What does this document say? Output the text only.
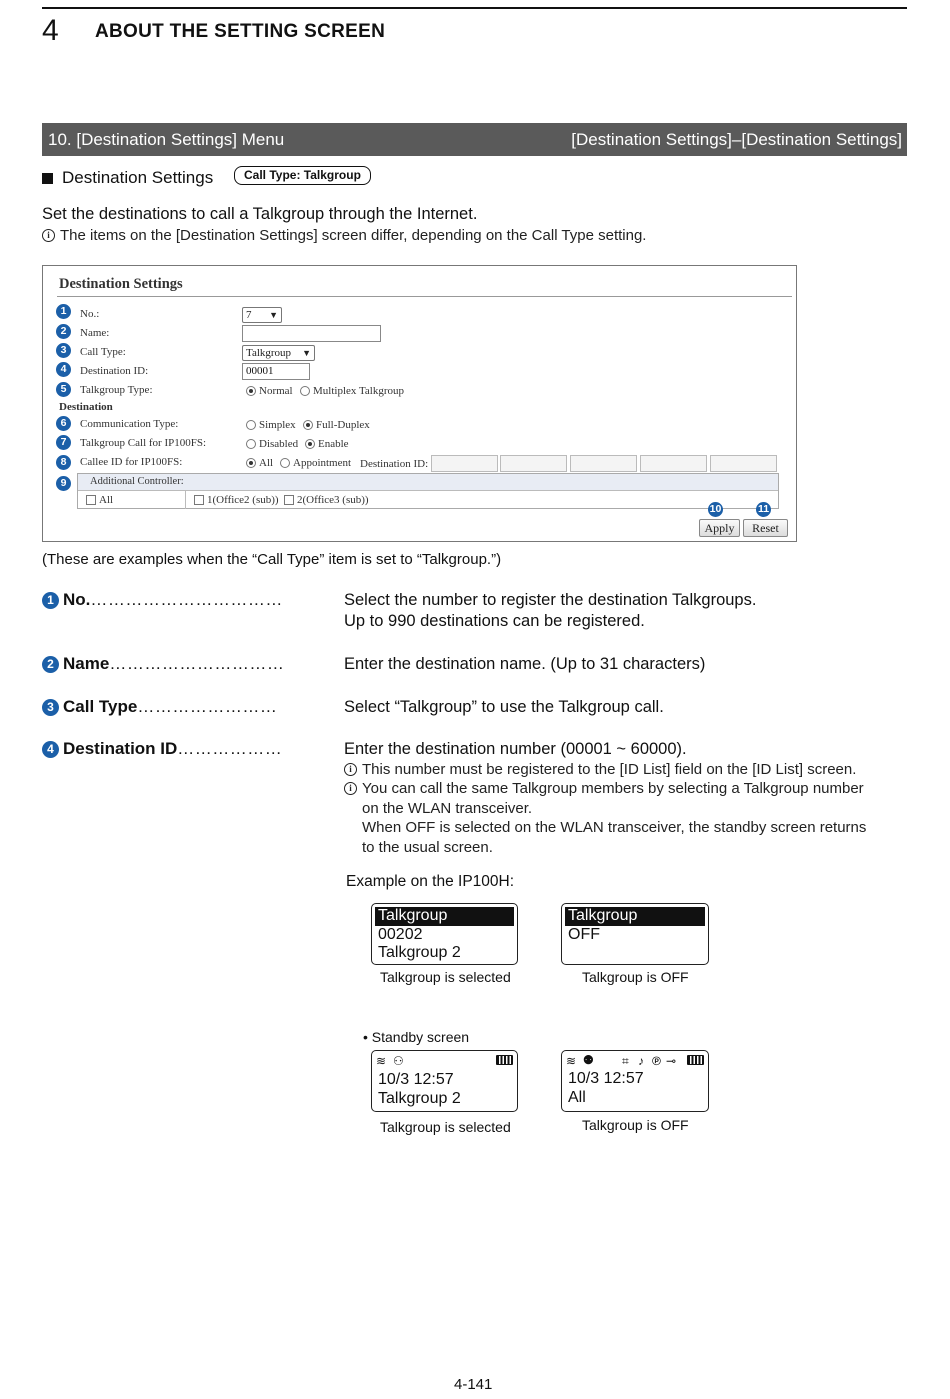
4 ABOUT THE SETTING SCREEN
10. [Destination Settings] Menu	[Destination Settings]–[Destination Settings]
Destination Settings	Call Type: Talkgroup
Set the destinations to call a Talkgroup through the Internet.
i The items on the [Destination Settings] screen differ, depending on the Call Type setting.
Destination Settings
1	No.:	7 ▼
2	Name:
3	Call Type:	Talkgroup ▼
4	Destination ID:	00001
5	Talkgroup Type:	Normal Multiplex Talkgroup
Destination
6	Communication Type:	Simplex Full-Duplex
7	Talkgroup Call for IP100FS:	Disabled Enable
8	Callee ID for IP100FS:	All Appointment Destination ID:
9	Additional Controller:
All	1(Office2 (sub)) 2(Office3 (sub))
10	11
Apply	Reset
(These are examples when the “Call Type” item is set to “Talkgroup.”)
1 No. ……………………………	Select the number to register the destination Talkgroups.
Up to 990 destinations can be registered.
2 Name …………………………	Enter the destination name. (Up to 31 characters)
3 Call Type ……………………	Select “Talkgroup” to use the Talkgroup call.
4 Destination ID ………………	Enter the destination number (00001 ~ 60000).
i This number must be registered to the [ID List] field on the [ID List] screen.
i You can call the same Talkgroup members by selecting a Talkgroup number
on the WLAN transceiver.
When OFF is selected on the WLAN transceiver, the standby screen returns
to the usual screen.
Example on the IP100H:
Talkgroup
00202
Talkgroup 2
Talkgroup is selected
Talkgroup
OFF
Talkgroup is OFF
• Standby screen
≋ ⚇
10/3 12:57
Talkgroup 2
Talkgroup is selected
≋ ⚉ ⌗ ♪ ℗ ⊸
10/3 12:57
All
Talkgroup is OFF
4-141
